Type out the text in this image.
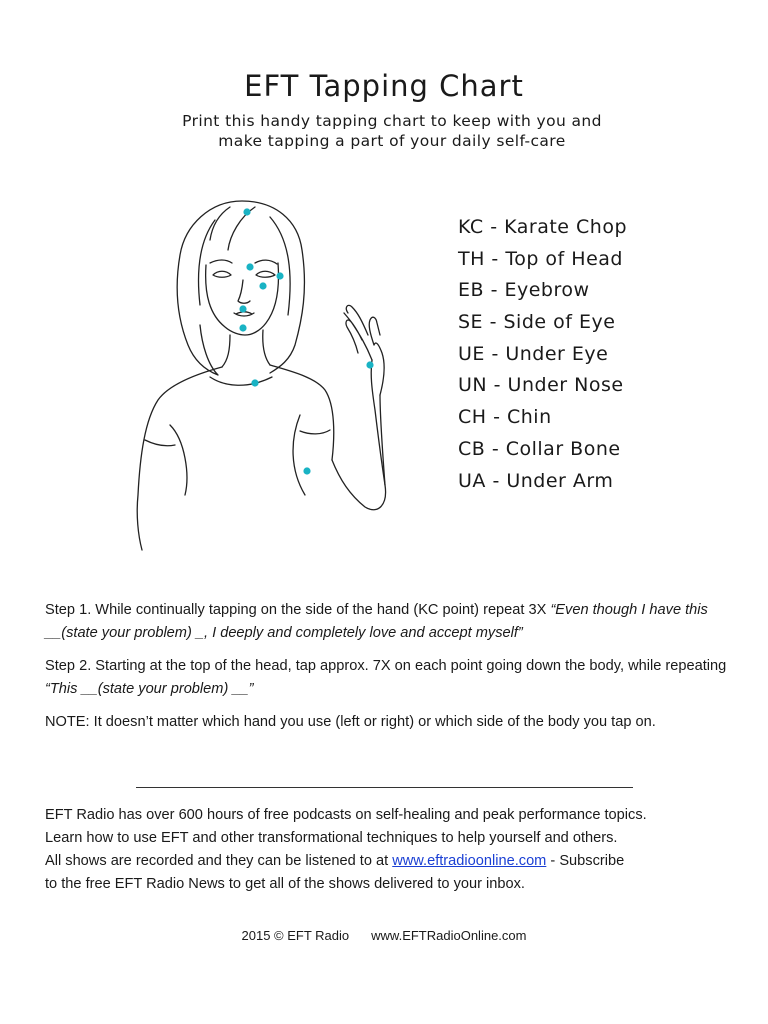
EFT Tapping Chart
Print this handy tapping chart to keep with you and
make tapping a part of your daily self-care
KC - Karate Chop
TH - Top of Head
EB - Eyebrow
SE - Side of Eye
UE - Under Eye
UN - Under Nose
CH - Chin
CB - Collar Bone
UA - Under Arm

Step 1. While continually tapping on the side of the hand (KC point) repeat 3X “Even though I have this __(state your problem) _, I deeply and completely love and accept myself”

Step 2. Starting at the top of the head, tap approx. 7X on each point going down the body, while repeating “This __(state your problem) __”

NOTE: It doesn’t matter which hand you use (left or right) or which side of the body you tap on.

EFT Radio has over 600 hours of free podcasts on self-healing and peak performance topics.
Learn how to use EFT and other transformational techniques to help yourself and others.
All shows are recorded and they can be listened to at www.eftradioonline.com - Subscribe
to the free EFT Radio News to get all of the shows delivered to your inbox.
2015 © EFT Radio www.EFTRadioOnline.com
